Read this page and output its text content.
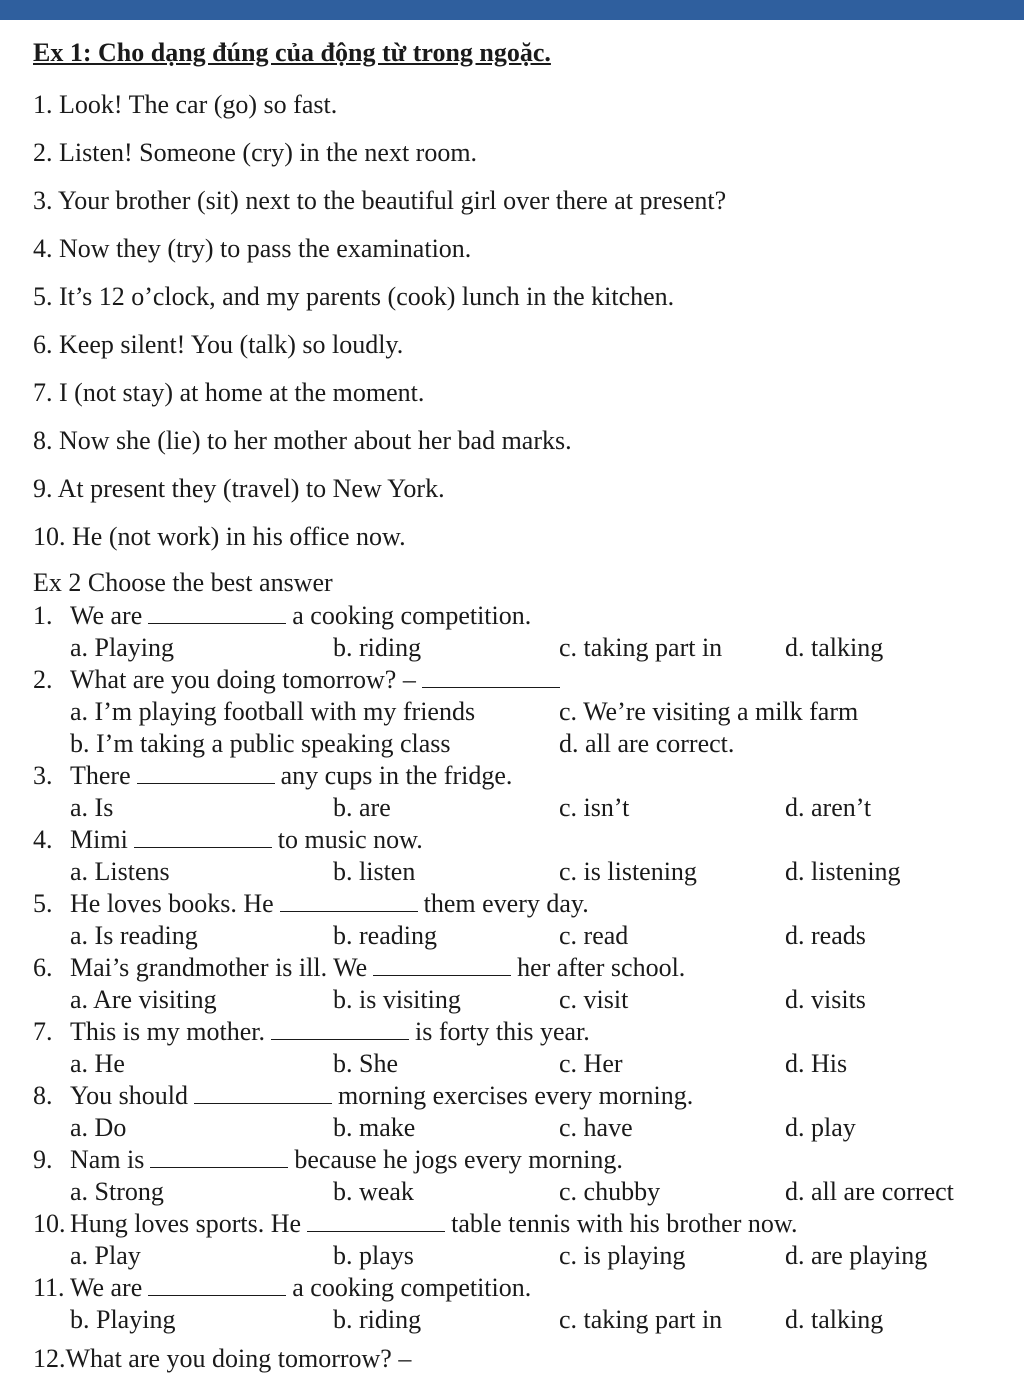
Ex 1: Cho dạng đúng của động từ trong ngoặc.
1. Look! The car (go) so fast.
2. Listen! Someone (cry) in the next room.
3. Your brother (sit) next to the beautiful girl over there at present?
4. Now they (try) to pass the examination.
5. It’s 12 o’clock, and my parents (cook) lunch in the kitchen.
6. Keep silent! You (talk) so loudly.
7. I (not stay) at home at the moment.
8. Now she (lie) to her mother about her bad marks.
9. At present they (travel) to New York.
10. He (not work) in his office now.
Ex 2 Choose the best answer
1. We are	a cooking competition.
a. Playing	b. riding	c. taking part in d. talking
2. What are you doing tomorrow? –
a. I’m playing football with my friends	c. We’re visiting a milk farm
b. I’m taking a public speaking class	d. all are correct.
3. There	any cups in the fridge.
a. Is	b. are	c. isn’t	d. aren’t
4. Mimi	to music now.
a. Listens	b. listen	c. is listening	d. listening
5. He loves books. He	them every day.
a. Is reading	b. reading	c. read	d. reads
6. Mai’s grandmother is ill. We	her after school.
a. Are visiting	b. is visiting	c. visit	d. visits
7. This is my mother.	is forty this year.
a. He	b. She	c. Her	d. His
8. You should	morning exercises every morning.
a. Do	b. make	c. have	d. play
9. Nam is	because he jogs every morning.
a. Strong	b. weak	c. chubby	d. all are correct
10. Hung loves sports. He	table tennis with his brother now.
a. Play	b. plays	c. is playing	d. are playing
11. We are	a cooking competition.
b. Playing	b. riding	c. taking part in d. talking
12.What are you doing tomorrow? –
